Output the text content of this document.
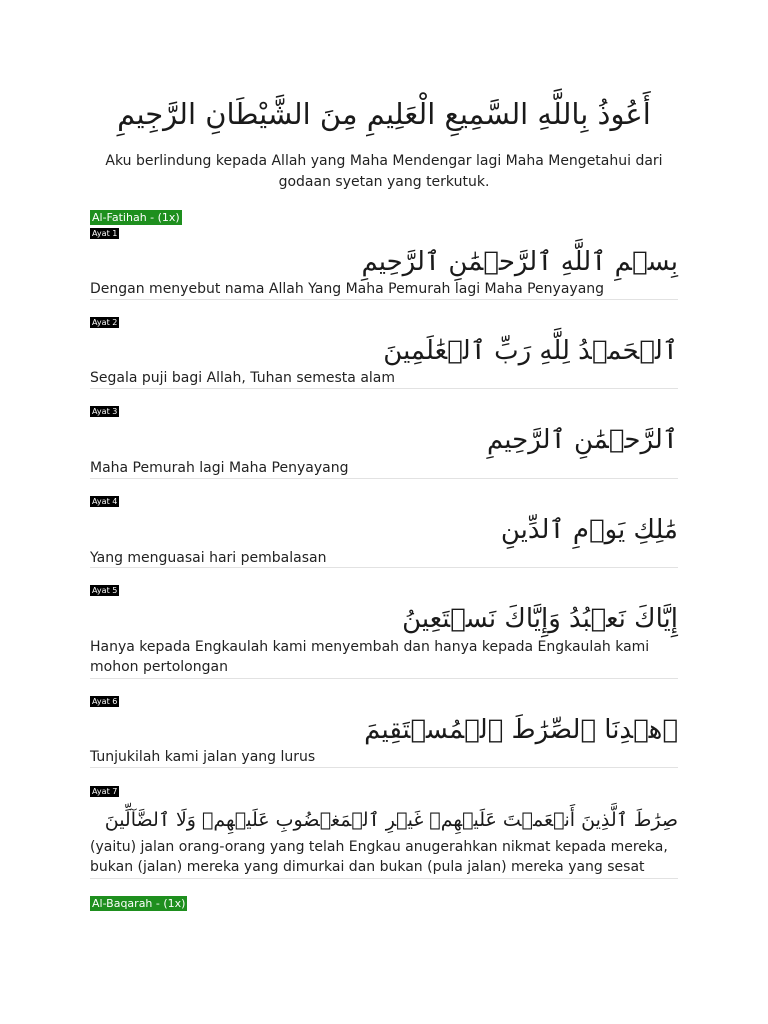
أَعُوذُ بِاللَّهِ السَّمِيعِ الْعَلِيمِ مِنَ الشَّيْطَانِ الرَّجِيمِ
Aku berlindung kepada Allah yang Maha Mendengar lagi Maha Mengetahui dari godaan syetan yang terkutuk.
Al-Fatihah - (1x)
Ayat 1
بِسۡمِ ٱللَّهِ ٱلرَّحۡمَٰنِ ٱلرَّحِيمِ
Dengan menyebut nama Allah Yang Maha Pemurah lagi Maha Penyayang
Ayat 2
ٱلۡحَمۡدُ لِلَّهِ رَبِّ ٱلۡعَٰلَمِينَ
Segala puji bagi Allah, Tuhan semesta alam
Ayat 3
ٱلرَّحۡمَٰنِ ٱلرَّحِيمِ
Maha Pemurah lagi Maha Penyayang
Ayat 4
مَٰلِكِ يَوۡمِ ٱلدِّينِ
Yang menguasai hari pembalasan
Ayat 5
إِيَّاكَ نَعۡبُدُ وَإِيَّاكَ نَسۡتَعِينُ
Hanya kepada Engkaulah kami menyembah dan hanya kepada Engkaulah kami mohon pertolongan
Ayat 6
ٱهۡدِنَا ٱلصِّرَٰطَ ٱلۡمُسۡتَقِيمَ
Tunjukilah kami jalan yang lurus
Ayat 7
صِرَٰطَ ٱلَّذِينَ أَنۡعَمۡتَ عَلَيۡهِمۡ غَيۡرِ ٱلۡمَغۡضُوبِ عَلَيۡهِمۡ وَلَا ٱلضَّآلِّينَ
(yaitu) jalan orang-orang yang telah Engkau anugerahkan nikmat kepada mereka, bukan (jalan) mereka yang dimurkai dan bukan (pula jalan) mereka yang sesat
Al-Baqarah - (1x)
